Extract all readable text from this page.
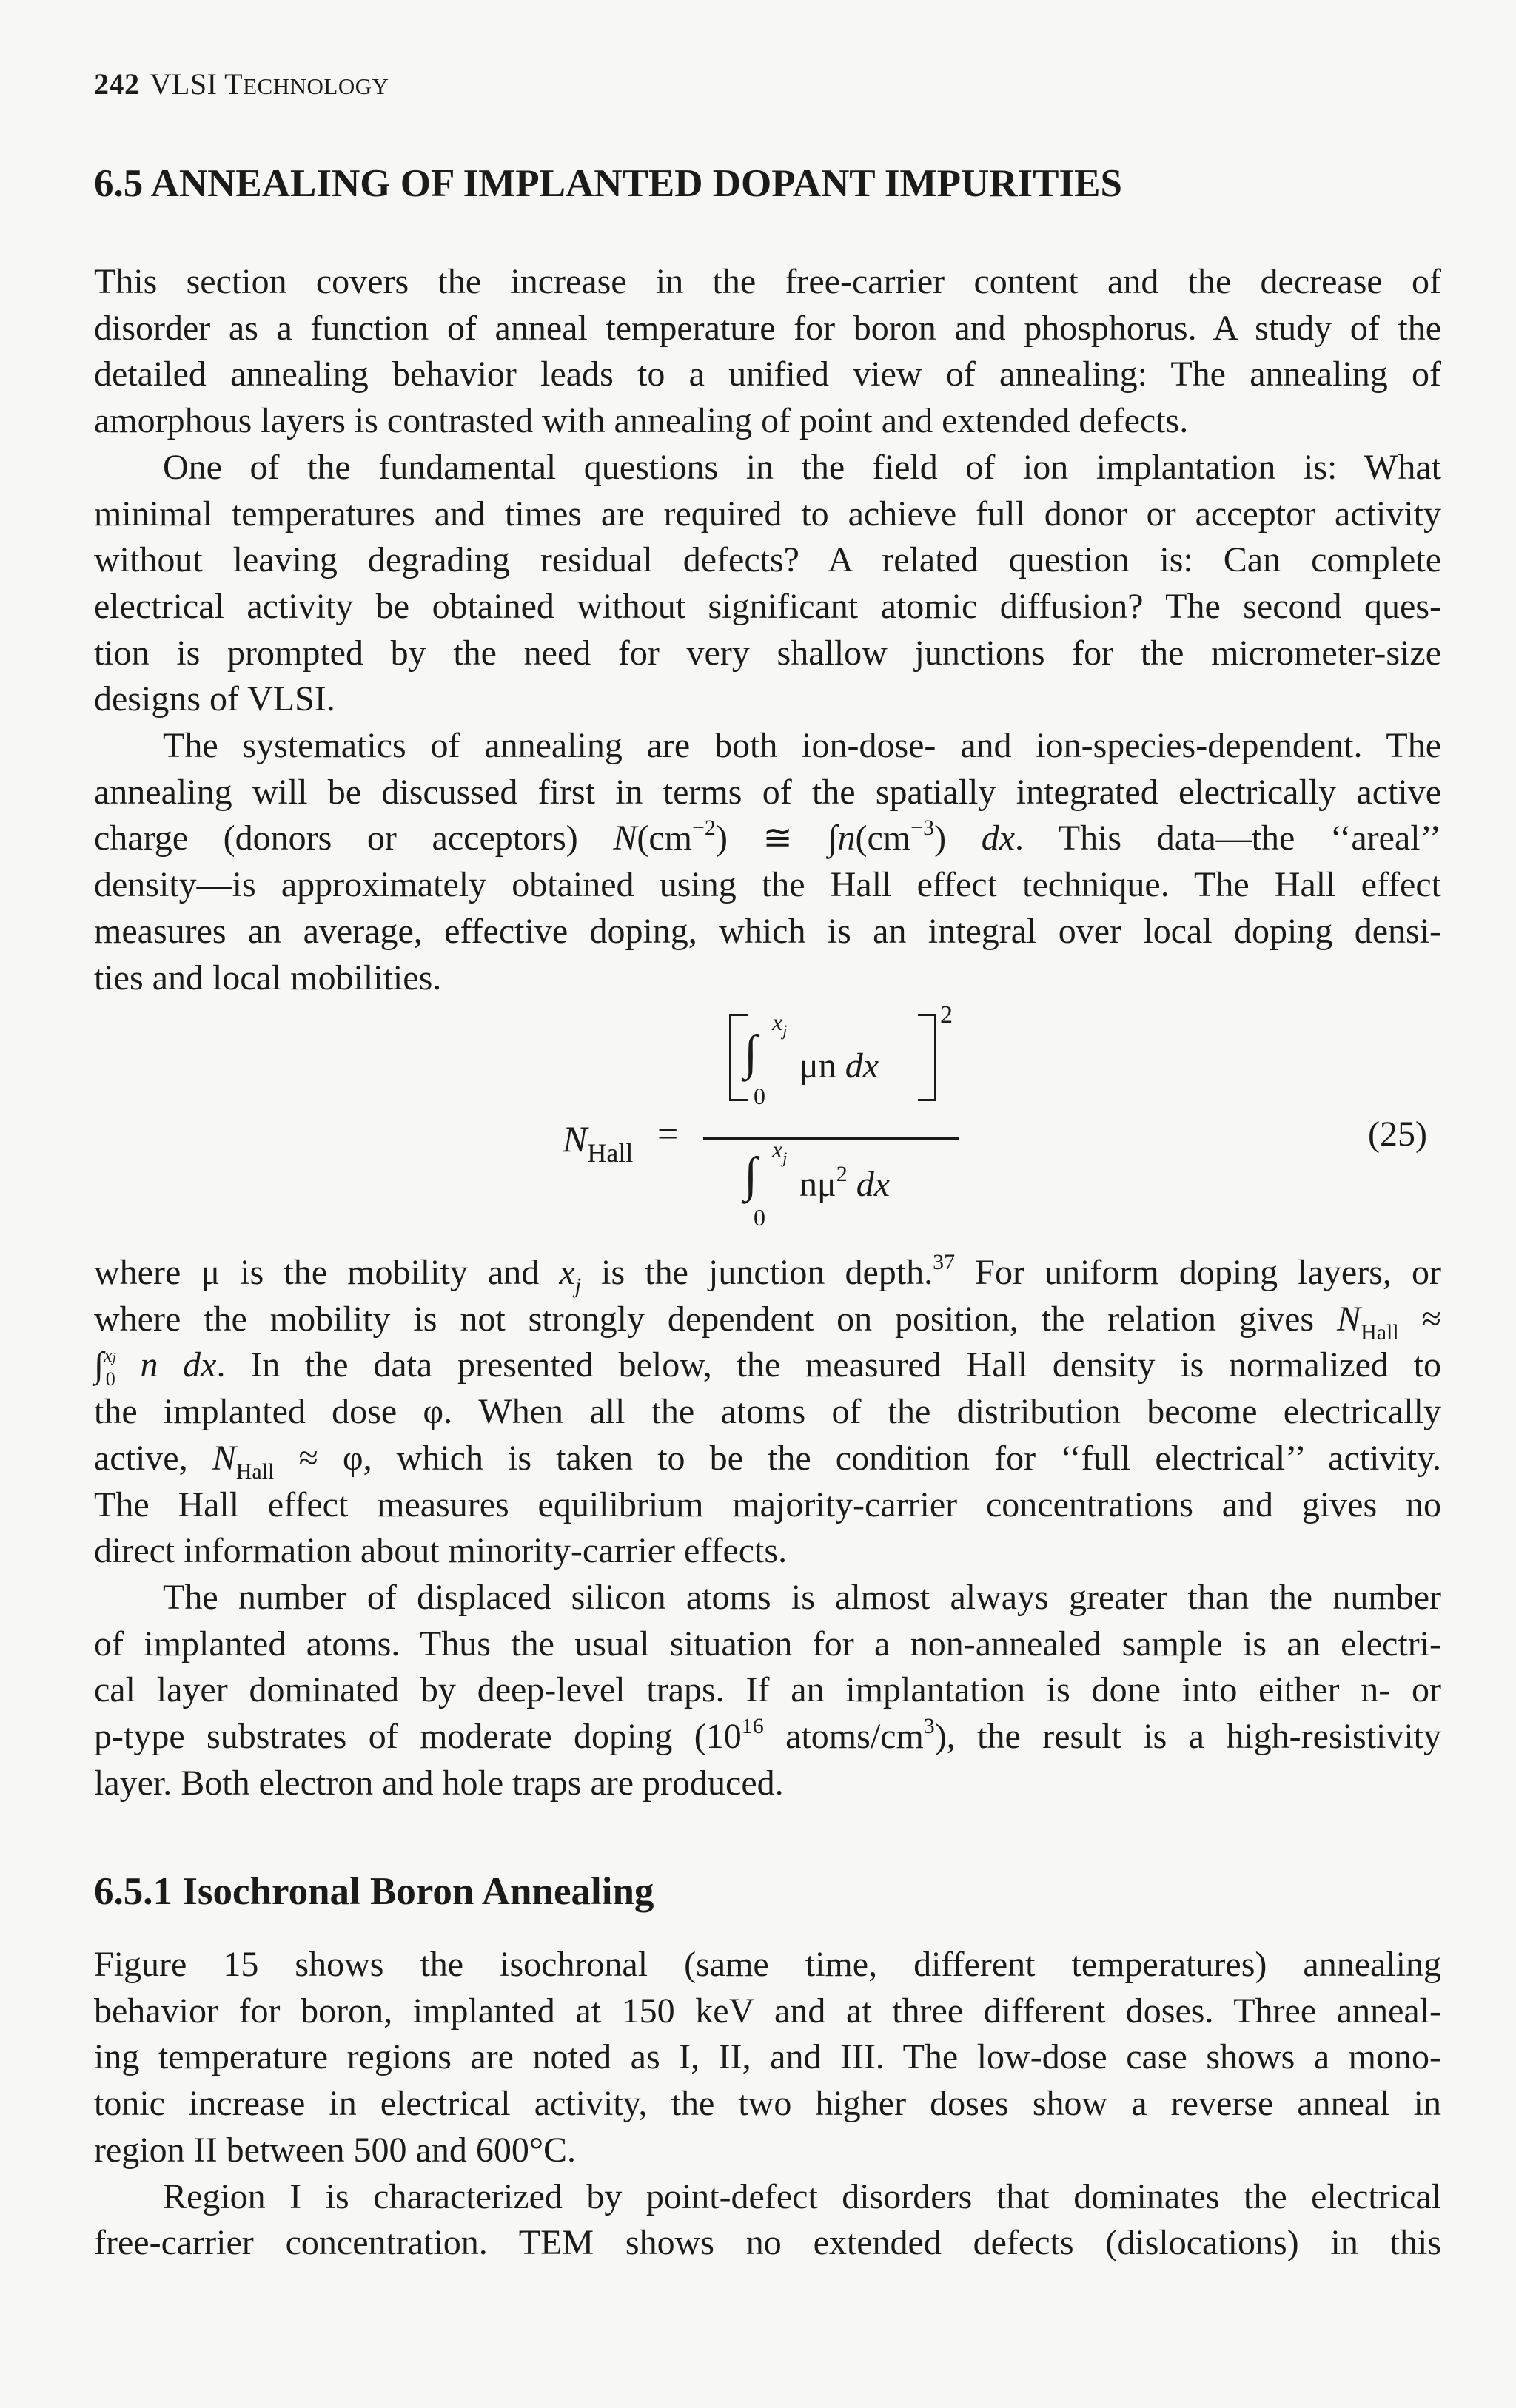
242 VLSI TECHNOLOGY
6.5 ANNEALING OF IMPLANTED DOPANT IMPURITIES

This section covers the increase in the free-carrier content and the decrease of
disorder as a function of anneal temperature for boron and phosphorus. A study of the
detailed annealing behavior leads to a unified view of annealing: The annealing of
amorphous layers is contrasted with annealing of point and extended defects.

One of the fundamental questions in the field of ion implantation is: What
minimal temperatures and times are required to achieve full donor or acceptor activity
without leaving degrading residual defects? A related question is: Can complete
electrical activity be obtained without significant atomic diffusion? The second ques-
tion is prompted by the need for very shallow junctions for the micrometer-size
designs of VLSI.

The systematics of annealing are both ion-dose- and ion-species-dependent. The
annealing will be discussed first in terms of the spatially integrated electrically active
charge (donors or acceptors) $N(cm^{-2})$ ≅ $\int n(cm^{-3})$ dx. This data—the ‘‘areal’’
density—is approximately obtained using the Hall effect technique. The Hall effect
measures an average, effective doping, which is an integral over local doping densi-
ties and local mobilities.

$N_{Hall}$ =
2
∫
$x_j$
0
μn dx
∫ $x_j$
0
$n\mu^2$ dx
(25)

where μ is the mobility and $x_j$ is the junction depth.$^{37}$ For uniform doping layers, or
where the mobility is not strongly dependent on position, the relation gives $N_{Hall}$ ≈
∫$^{xj}_0$ n dx. In the data presented below, the measured Hall density is normalized to
the implanted dose φ. When all the atoms of the distribution become electrically
active, $N_{Hall} \approx \varphi$, which is taken to be the condition for ‘‘full electrical’’ activity.
The Hall effect measures equilibrium majority-carrier concentrations and gives no
direct information about minority-carrier effects.

The number of displaced silicon atoms is almost always greater than the number
of implanted atoms. Thus the usual situation for a non-annealed sample is an electri-
cal layer dominated by deep-level traps. If an implantation is done into either n- or
p-type substrates of moderate doping ($10^{16}$ atoms/$cm^3$), the result is a high-resistivity
layer. Both electron and hole traps are produced.

6.5.1 Isochronal Boron Annealing

Figure 15 shows the isochronal (same time, different temperatures) annealing
behavior for boron, implanted at 150 keV and at three different doses. Three anneal-
ing temperature regions are noted as I, II, and III. The low-dose case shows a mono-
tonic increase in electrical activity, the two higher doses show a reverse anneal in
region II between 500 and 600°C.

Region I is characterized by point-defect disorders that dominates the electrical
free-carrier concentration. TEM shows no extended defects (dislocations) in this
